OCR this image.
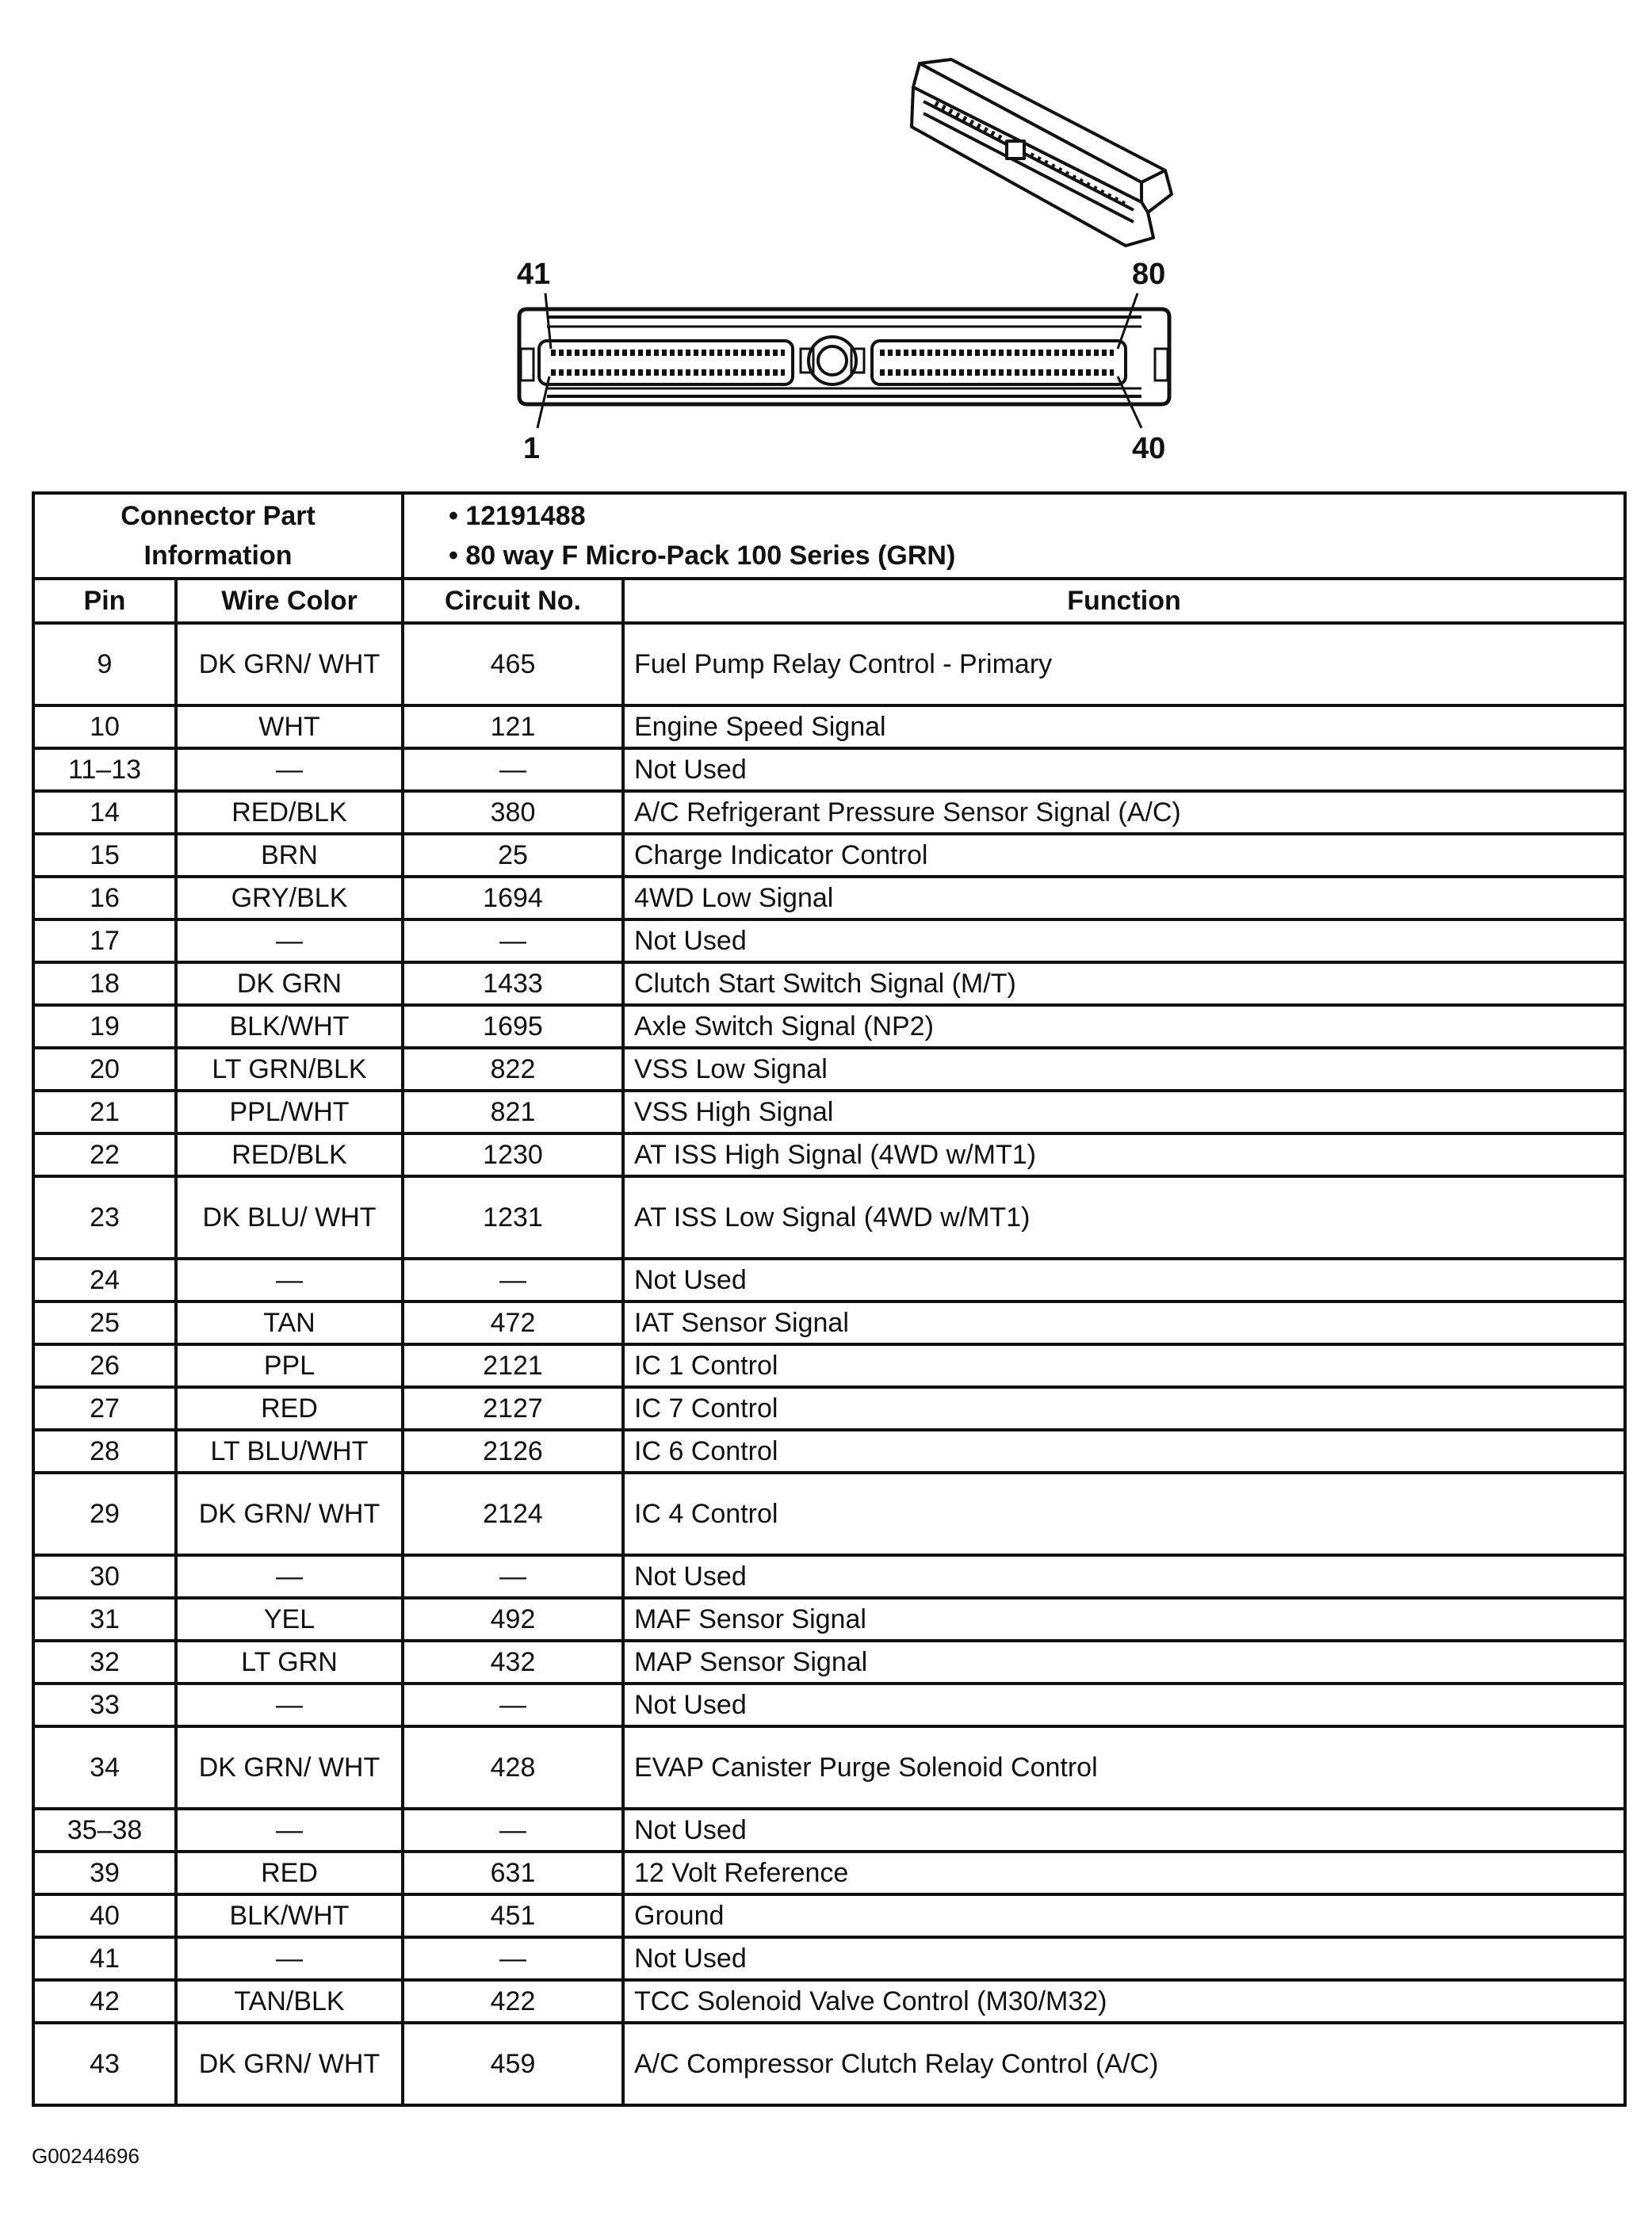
41	80
1	40
Connector Part Information		• 12191488
• 80 way F Micro-Pack 100 Series (GRN)	

Pin	Wire Color	Circuit No.	Function
9	DK GRN/ WHT	465	Fuel Pump Relay Control - Primary
10	WHT	121	Engine Speed Signal
11–13	—	—	Not Used
14	RED/BLK	380	A/C Refrigerant Pressure Sensor Signal (A/C)
15	BRN	25	Charge Indicator Control
16	GRY/BLK	1694	4WD Low Signal
17	—	—	Not Used
18	DK GRN	1433	Clutch Start Switch Signal (M/T)
19	BLK/WHT	1695	Axle Switch Signal (NP2)
20	LT GRN/BLK	822	VSS Low Signal
21	PPL/WHT	821	VSS High Signal
22	RED/BLK	1230	AT ISS High Signal (4WD w/MT1)
23	DK BLU/ WHT	1231	AT ISS Low Signal (4WD w/MT1)
24	—	—	Not Used
25	TAN	472	IAT Sensor Signal
26	PPL	2121	IC 1 Control
27	RED	2127	IC 7 Control
28	LT BLU/WHT	2126	IC 6 Control
29	DK GRN/ WHT	2124	IC 4 Control
30	—	—	Not Used
31	YEL	492	MAF Sensor Signal
32	LT GRN	432	MAP Sensor Signal
33	—	—	Not Used
34	DK GRN/ WHT	428	EVAP Canister Purge Solenoid Control
35–38	—	—	Not Used
39	RED	631	12 Volt Reference
40	BLK/WHT	451	Ground
41	—	—	Not Used
42	TAN/BLK	422	TCC Solenoid Valve Control (M30/M32)
43	DK GRN/ WHT	459	A/C Compressor Clutch Relay Control (A/C)
G00244696
